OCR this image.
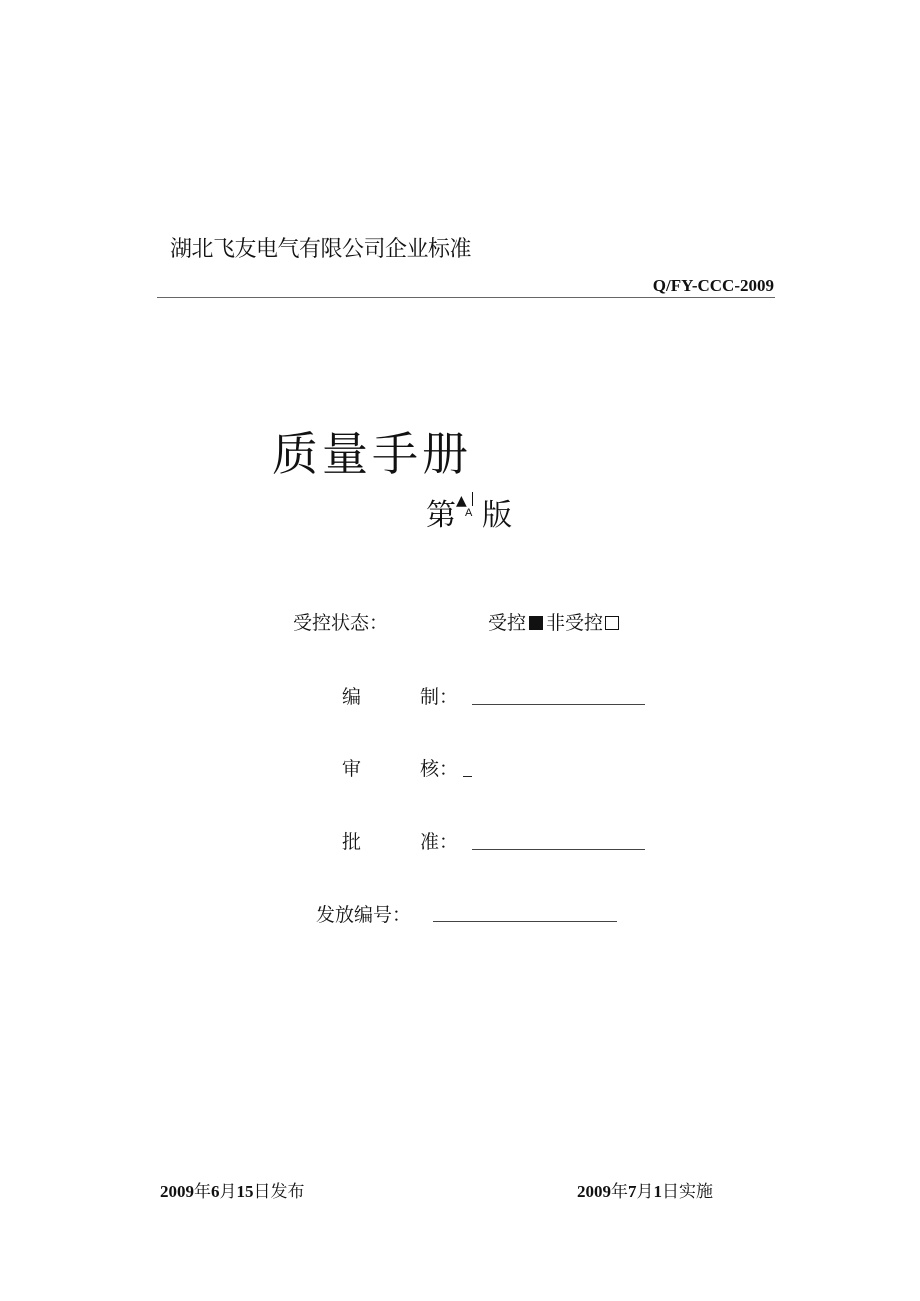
湖北飞友电气有限公司企业标准
Q/FY-CCC-2009
质量手册
第 ▲
A 版
受控状态：	受控 非受控
编	制：
审	核：
批	准：
发放编号：
2009年6月15日发布	2009年7月1日实施
